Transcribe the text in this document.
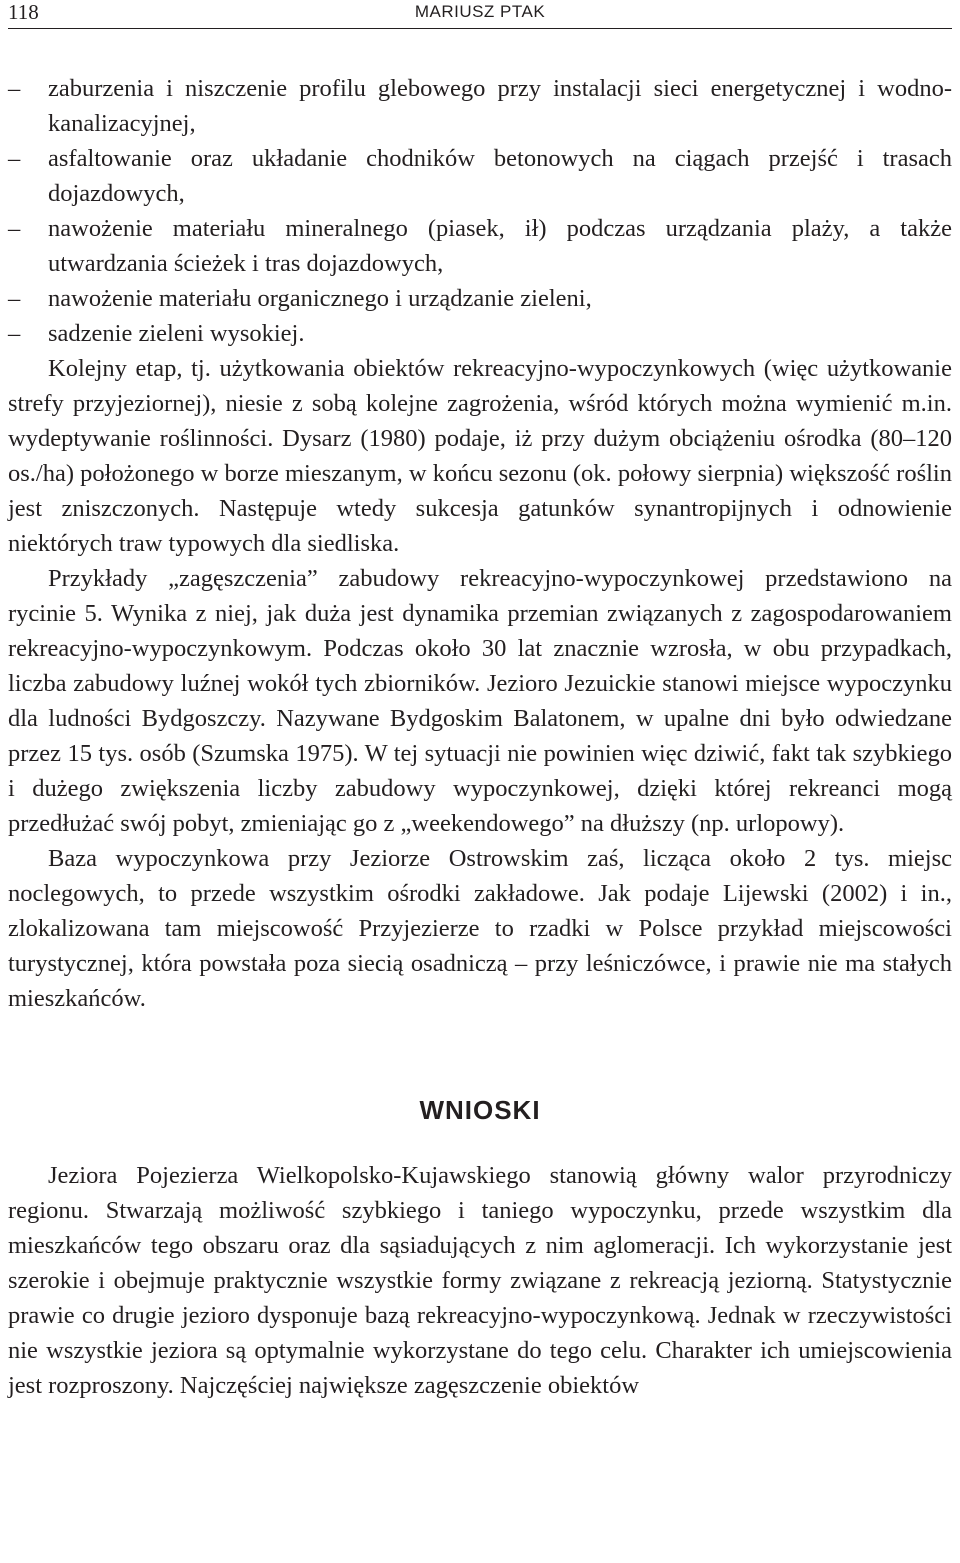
118	MARIUSZ PTAK
–	zaburzenia i niszczenie profilu glebowego przy instalacji sieci energetycznej i wodno-kanalizacyjnej,
–	asfaltowanie oraz układanie chodników betonowych na ciągach przejść i trasach dojazdowych,
–	nawożenie materiału mineralnego (piasek, ił) podczas urządzania plaży, a także utwardzania ścieżek i tras dojazdowych,
–	nawożenie materiału organicznego i urządzanie zieleni,
–	sadzenie zieleni wysokiej.

Kolejny etap, tj. użytkowania obiektów rekreacyjno-wypoczynkowych (więc użytkowanie strefy przyjeziornej), niesie z sobą kolejne zagrożenia, wśród których można wymienić m.in. wydeptywanie roślinności. Dysarz (1980) podaje, iż przy dużym obciążeniu ośrodka (80–120 os./ha) położonego w borze mieszanym, w końcu sezonu (ok. połowy sierpnia) większość roślin jest zniszczonych. Następuje wtedy sukcesja gatunków synantropijnych i odnowienie niektórych traw typowych dla siedliska.

Przykłady „zagęszczenia” zabudowy rekreacyjno-wypoczynkowej przedstawiono na rycinie 5. Wynika z niej, jak duża jest dynamika przemian związanych z zagospodarowaniem rekreacyjno-wypoczynkowym. Podczas około 30 lat znacznie wzrosła, w obu przypadkach, liczba zabudowy luźnej wokół tych zbiorników. Jezioro Jezuickie stanowi miejsce wypoczynku dla ludności Bydgoszczy. Nazywane Bydgoskim Balatonem, w upalne dni było odwiedzane przez 15 tys. osób (Szumska 1975). W tej sytuacji nie powinien więc dziwić, fakt tak szybkiego i dużego zwiększenia liczby zabudowy wypoczynkowej, dzięki której rekreanci mogą przedłużać swój pobyt, zmieniając go z „weekendowego” na dłuższy (np. urlopowy).

Baza wypoczynkowa przy Jeziorze Ostrowskim zaś, licząca około 2 tys. miejsc noclegowych, to przede wszystkim ośrodki zakładowe. Jak podaje Lijewski (2002) i in., zlokalizowana tam miejscowość Przyjezierze to rzadki w Polsce przykład miejscowości turystycznej, która powstała poza siecią osadniczą – przy leśniczówce, i prawie nie ma stałych mieszkańców.

WNIOSKI

Jeziora Pojezierza Wielkopolsko-Kujawskiego stanowią główny walor przyrodniczy regionu. Stwarzają możliwość szybkiego i taniego wypoczynku, przede wszystkim dla mieszkańców tego obszaru oraz dla sąsiadujących z nim aglomeracji. Ich wykorzystanie jest szerokie i obejmuje praktycznie wszystkie formy związane z rekreacją jeziorną. Statystycznie prawie co drugie jezioro dysponuje bazą rekreacyjno-wypoczynkową. Jednak w rzeczywistości nie wszystkie jeziora są optymalnie wykorzystane do tego celu. Charakter ich umiejscowienia jest rozproszony. Najczęściej największe zagęszczenie obiektów
